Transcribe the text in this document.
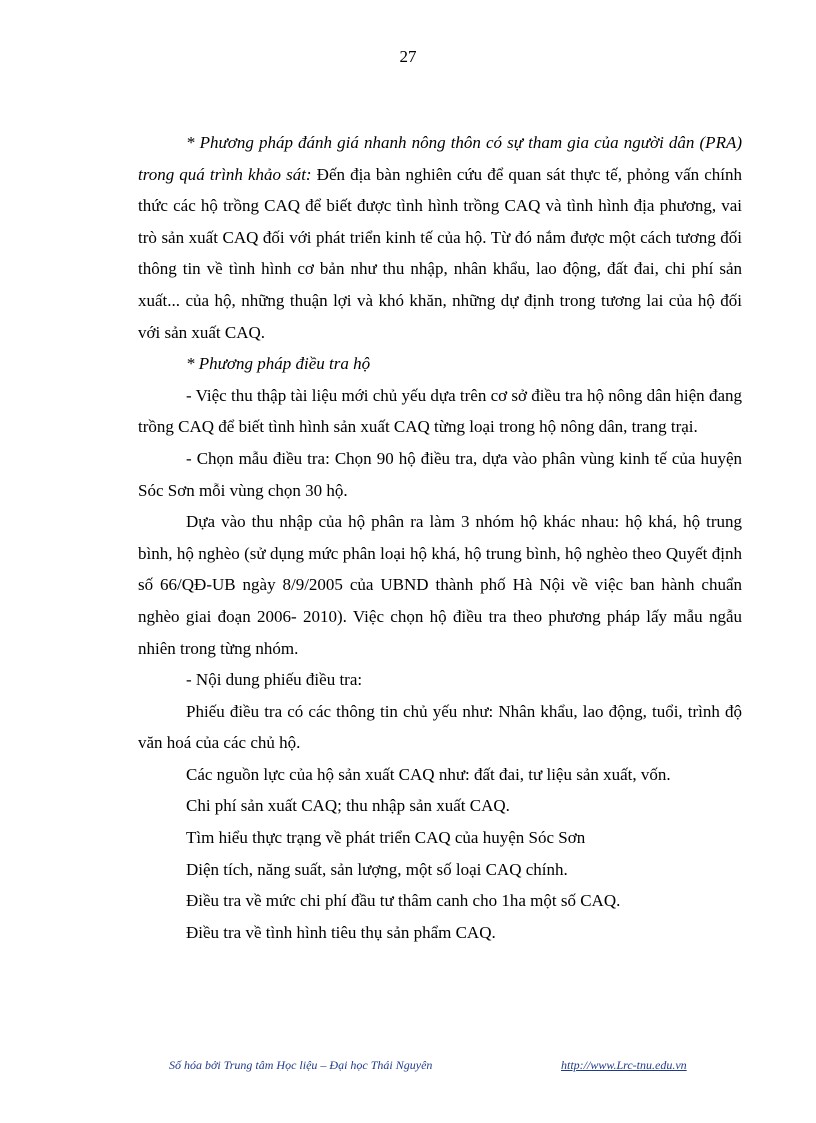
27

* Phương pháp đánh giá nhanh nông thôn có sự tham gia của người dân (PRA) trong quá trình khảo sát: Đến địa bàn nghiên cứu để quan sát thực tế, phỏng vấn chính thức các hộ trồng CAQ để biết được tình hình trồng CAQ và tình hình địa phương, vai trò sản xuất CAQ đối với phát triển kinh tế của hộ. Từ đó nắm được một cách tương đối thông tin về tình hình cơ bản như thu nhập, nhân khẩu, lao động, đất đai, chi phí sản xuất... của hộ, những thuận lợi và khó khăn, những dự định trong tương lai của hộ đối với sản xuất CAQ.

* Phương pháp điều tra hộ

- Việc thu thập tài liệu mới chủ yếu dựa trên cơ sở điều tra hộ nông dân hiện đang trồng CAQ để biết tình hình sản xuất CAQ từng loại trong hộ nông dân, trang trại.

- Chọn mẫu điều tra: Chọn 90 hộ điều tra, dựa vào phân vùng kinh tế của huyện Sóc Sơn mỗi vùng chọn 30 hộ.

Dựa vào thu nhập của hộ phân ra làm 3 nhóm hộ khác nhau: hộ khá, hộ trung bình, hộ nghèo (sử dụng mức phân loại hộ khá, hộ trung bình, hộ nghèo theo Quyết định số 66/QĐ-UB ngày 8/9/2005 của UBND thành phố Hà Nội về việc ban hành chuẩn nghèo giai đoạn 2006- 2010). Việc chọn hộ điều tra theo phương pháp lấy mẫu ngẫu nhiên trong từng nhóm.

- Nội dung phiếu điều tra:

Phiếu điều tra có các thông tin chủ yếu như: Nhân khẩu, lao động, tuổi, trình độ văn hoá của các chủ hộ.

Các nguồn lực của hộ sản xuất CAQ như: đất đai, tư liệu sản xuất, vốn.

Chi phí sản xuất CAQ; thu nhập sản xuất CAQ.

Tìm hiểu thực trạng về phát triển CAQ của huyện Sóc Sơn

Diện tích, năng suất, sản lượng, một số loại CAQ chính.

Điều tra về mức chi phí đầu tư thâm canh cho 1ha một số CAQ.

Điều tra về tình hình tiêu thụ sản phẩm CAQ.

Số hóa bởi Trung tâm Học liệu – Đại học Thái Nguyên	http://www.Lrc-tnu.edu.vn
